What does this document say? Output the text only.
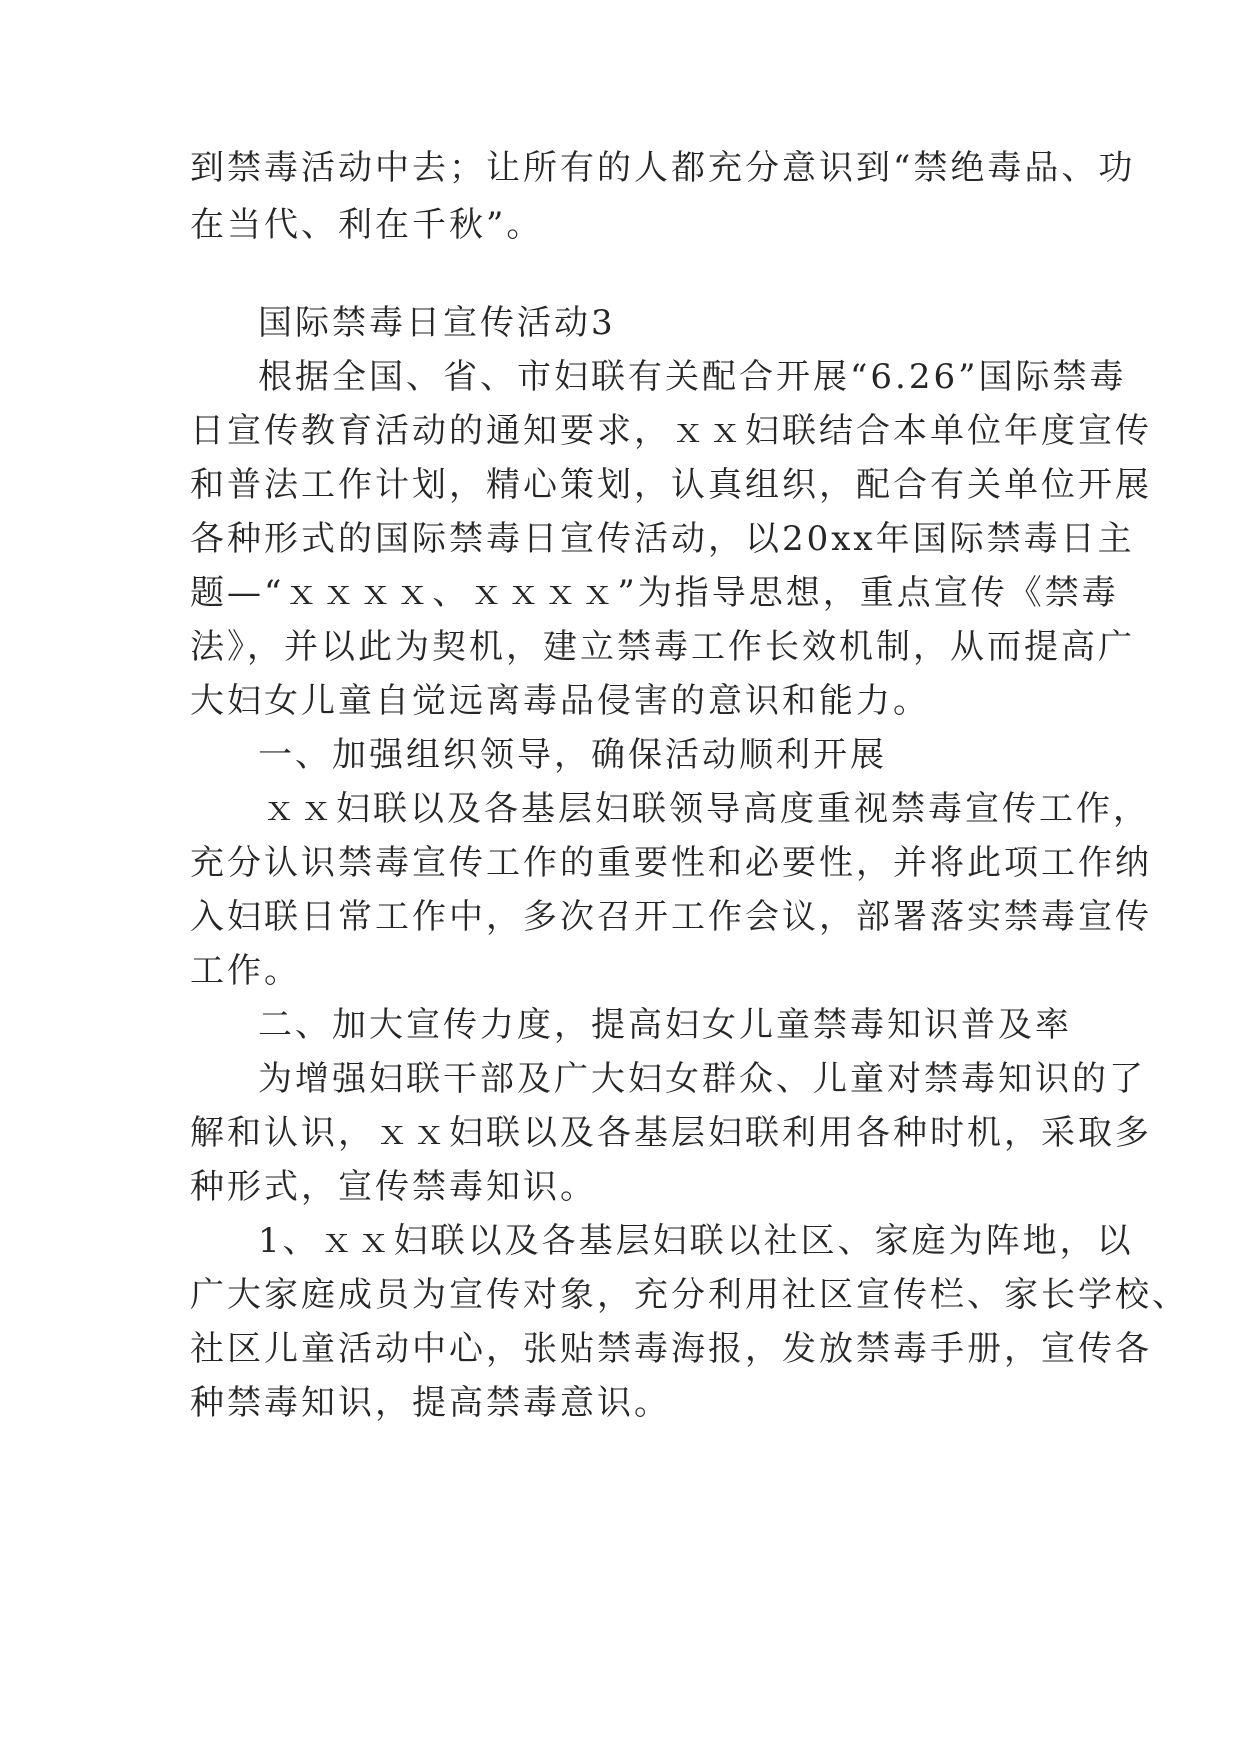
到禁毒活动中去；让所有的人都充分意识到“禁绝毒品、功
在当代、利在千秋”。
国际禁毒日宣传活动3
根据全国、省、市妇联有关配合开展“6.26”国际禁毒
日宣传教育活动的通知要求，ｘｘ妇联结合本单位年度宣传
和普法工作计划，精心策划，认真组织，配合有关单位开展
各种形式的国际禁毒日宣传活动，以20xx年国际禁毒日主
题—“ｘｘｘｘ、ｘｘｘｘ”为指导思想，重点宣传《禁毒
法》，并以此为契机，建立禁毒工作长效机制，从而提高广
大妇女儿童自觉远离毒品侵害的意识和能力。
一、加强组织领导，确保活动顺利开展
ｘｘ妇联以及各基层妇联领导高度重视禁毒宣传工作，
充分认识禁毒宣传工作的重要性和必要性，并将此项工作纳
入妇联日常工作中，多次召开工作会议，部署落实禁毒宣传
工作。
二、加大宣传力度，提高妇女儿童禁毒知识普及率
为增强妇联干部及广大妇女群众、儿童对禁毒知识的了
解和认识，ｘｘ妇联以及各基层妇联利用各种时机，采取多
种形式，宣传禁毒知识。
1、ｘｘ妇联以及各基层妇联以社区、家庭为阵地，以
广大家庭成员为宣传对象，充分利用社区宣传栏、家长学校、
社区儿童活动中心，张贴禁毒海报，发放禁毒手册，宣传各
种禁毒知识，提高禁毒意识。
